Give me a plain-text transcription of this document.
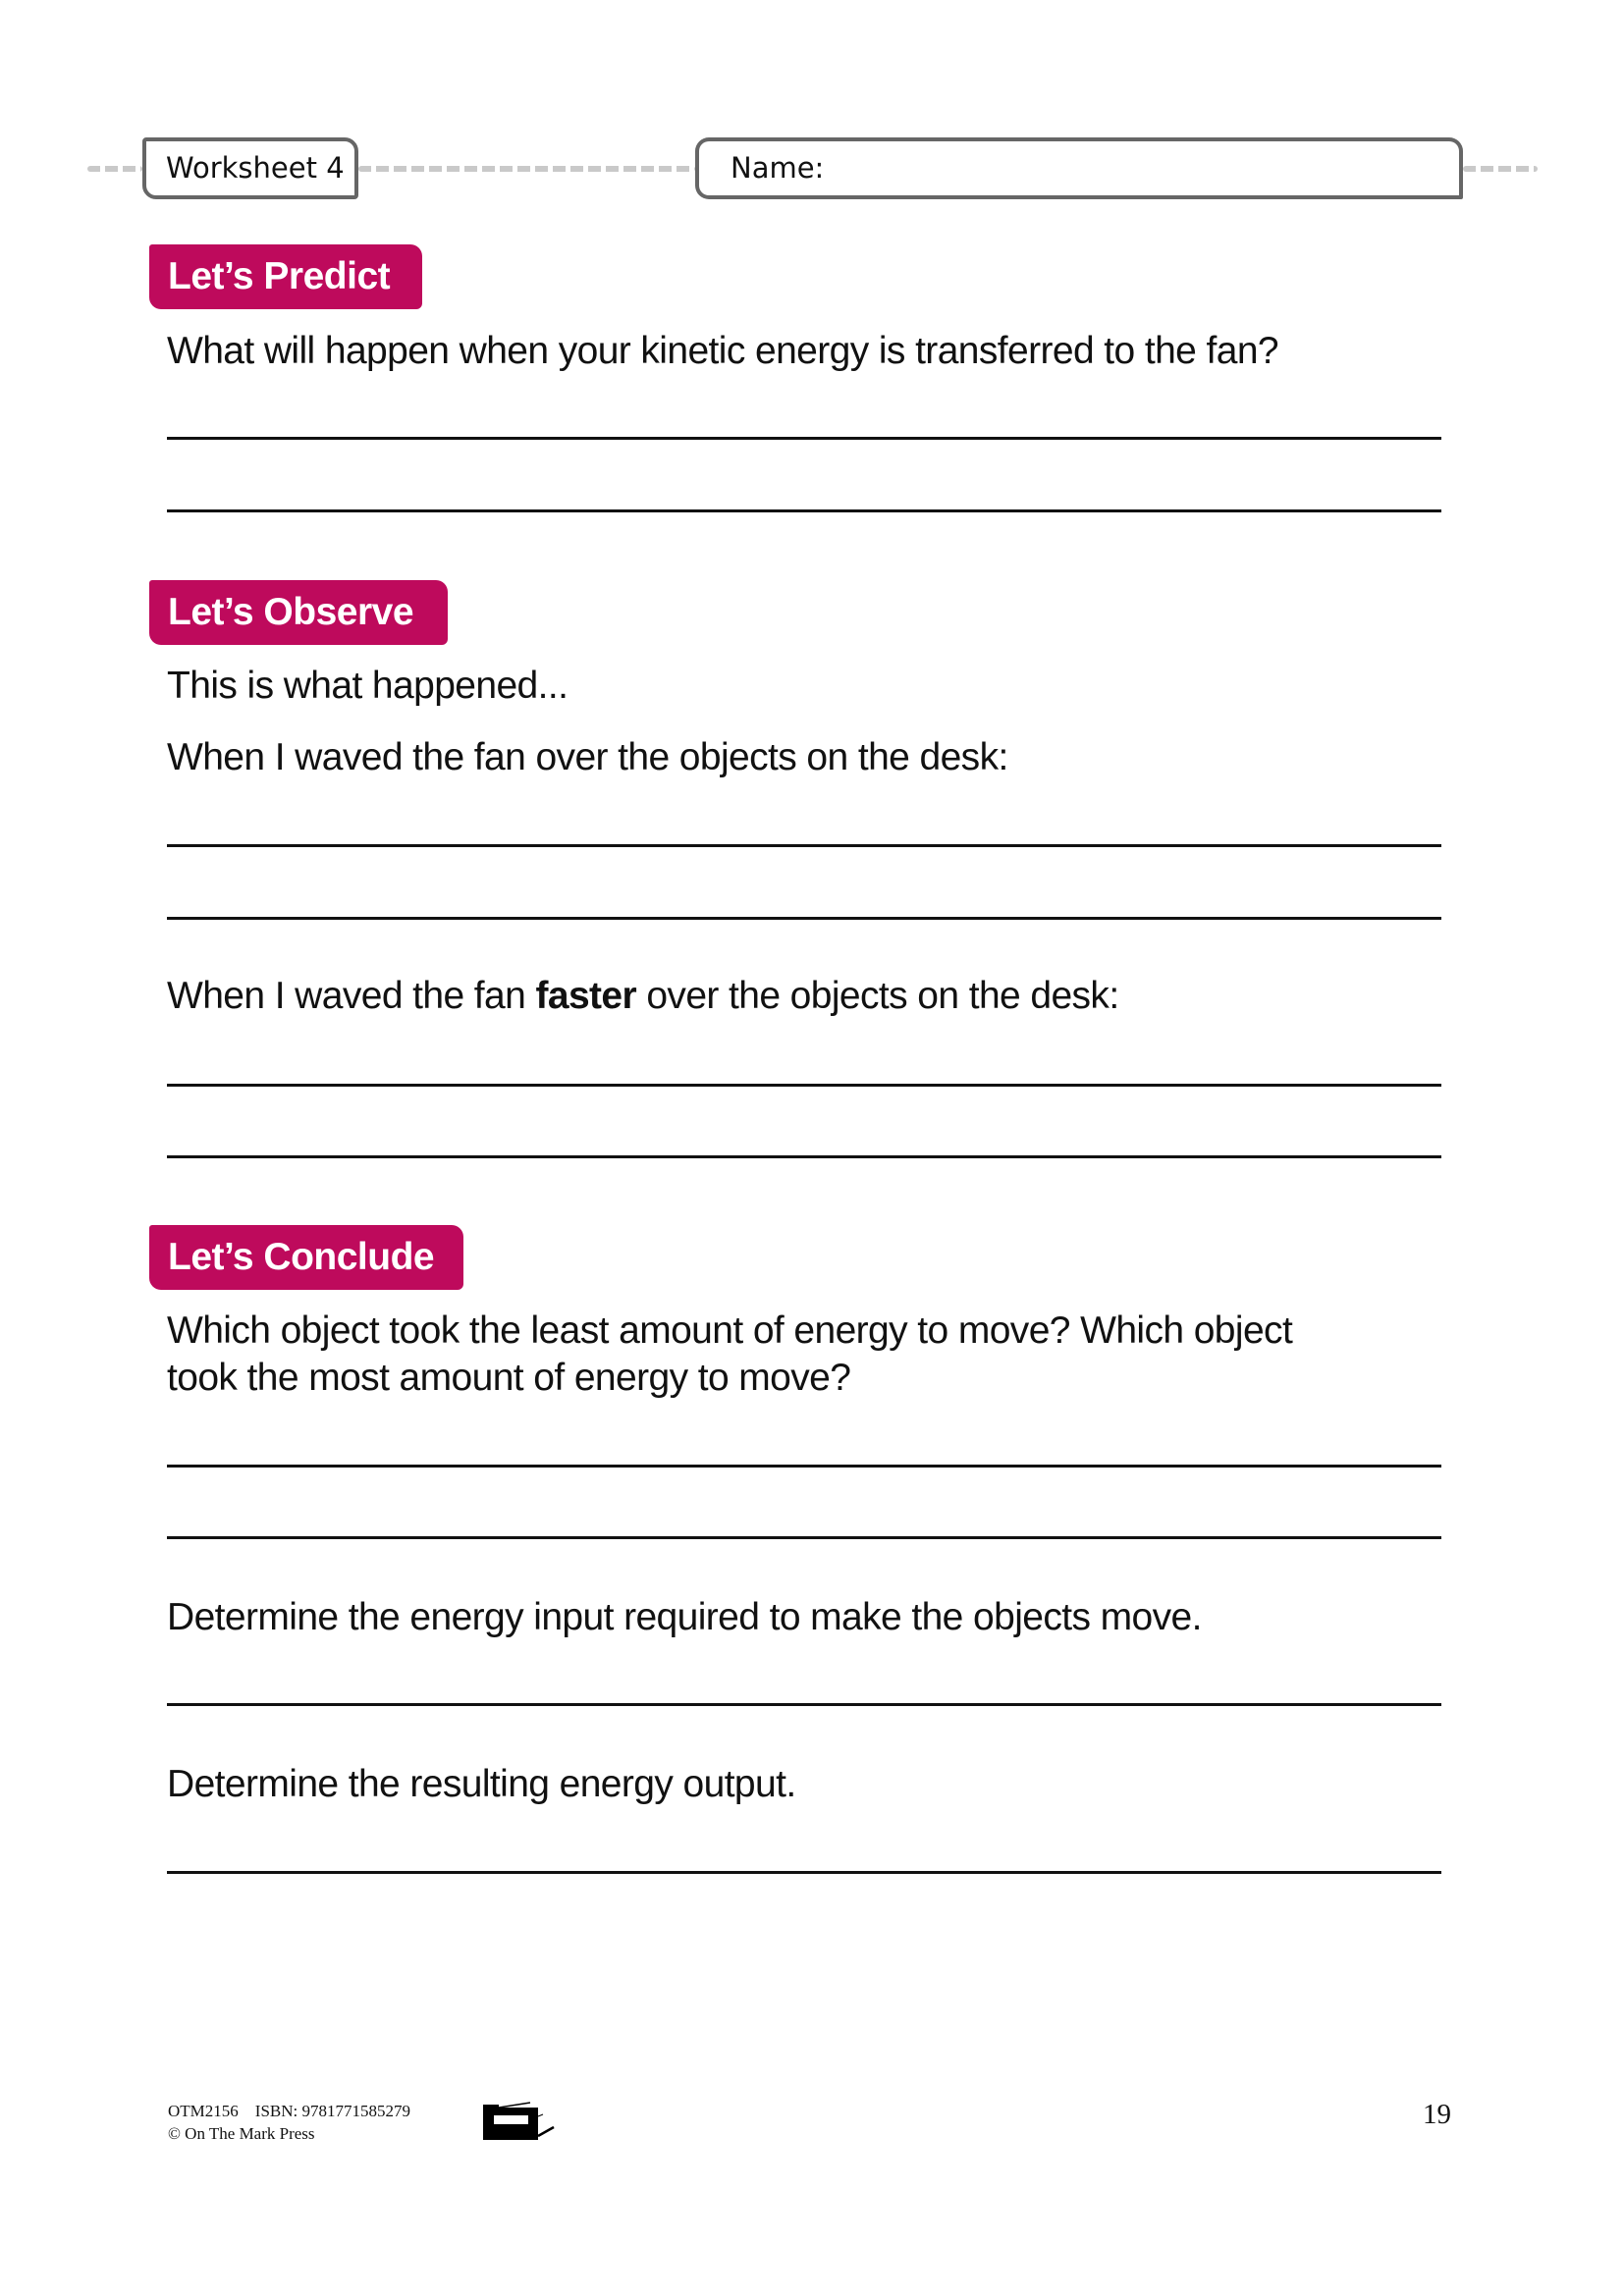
Worksheet 4	Name:
Let’s Predict
What will happen when your kinetic energy is transferred to the fan?
Let’s Observe
This is what happened...
When I waved the fan over the objects on the desk:
When I waved the fan faster over the objects on the desk:
Let’s Conclude
Which object took the least amount of energy to move? Which object
took the most amount of energy to move?
Determine the energy input required to make the objects move.
Determine the resulting energy output.
OTM2156    ISBN: 9781771585279
© On The Mark Press
19
